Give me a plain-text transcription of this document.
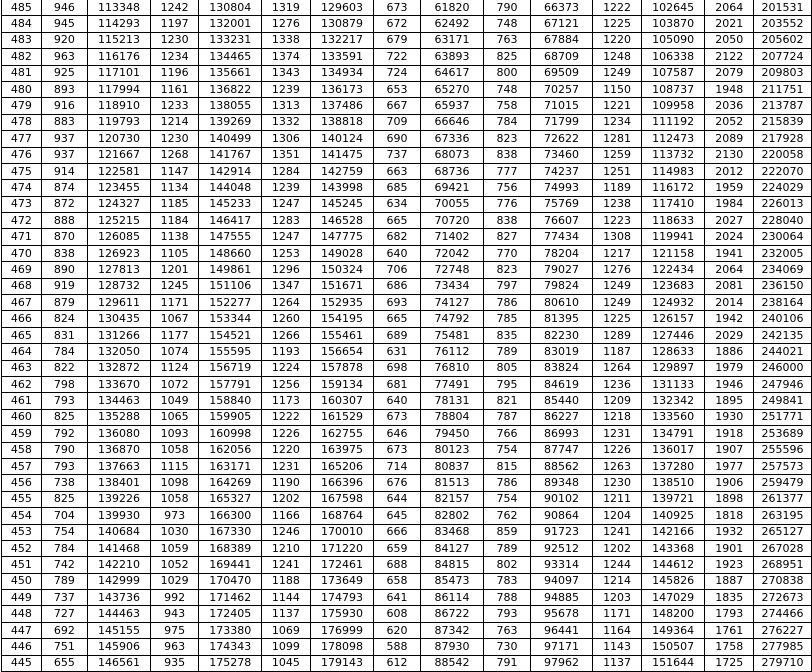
485	946	113348	1242	130804	1319	129603	673	61820	790	66373	1222	102645	2064	201531
484	945	114293	1197	132001	1276	130879	672	62492	748	67121	1225	103870	2021	203552
483	920	115213	1230	133231	1338	132217	679	63171	763	67884	1220	105090	2050	205602
482	963	116176	1234	134465	1374	133591	722	63893	825	68709	1248	106338	2122	207724
481	925	117101	1196	135661	1343	134934	724	64617	800	69509	1249	107587	2079	209803
480	893	117994	1161	136822	1239	136173	653	65270	748	70257	1150	108737	1948	211751
479	916	118910	1233	138055	1313	137486	667	65937	758	71015	1221	109958	2036	213787
478	883	119793	1214	139269	1332	138818	709	66646	784	71799	1234	111192	2052	215839
477	937	120730	1230	140499	1306	140124	690	67336	823	72622	1281	112473	2089	217928
476	937	121667	1268	141767	1351	141475	737	68073	838	73460	1259	113732	2130	220058
475	914	122581	1147	142914	1284	142759	663	68736	777	74237	1251	114983	2012	222070
474	874	123455	1134	144048	1239	143998	685	69421	756	74993	1189	116172	1959	224029
473	872	124327	1185	145233	1247	145245	634	70055	776	75769	1238	117410	1984	226013
472	888	125215	1184	146417	1283	146528	665	70720	838	76607	1223	118633	2027	228040
471	870	126085	1138	147555	1247	147775	682	71402	827	77434	1308	119941	2024	230064
470	838	126923	1105	148660	1253	149028	640	72042	770	78204	1217	121158	1941	232005
469	890	127813	1201	149861	1296	150324	706	72748	823	79027	1276	122434	2064	234069
468	919	128732	1245	151106	1347	151671	686	73434	797	79824	1249	123683	2081	236150
467	879	129611	1171	152277	1264	152935	693	74127	786	80610	1249	124932	2014	238164
466	824	130435	1067	153344	1260	154195	665	74792	785	81395	1225	126157	1942	240106
465	831	131266	1177	154521	1266	155461	689	75481	835	82230	1289	127446	2029	242135
464	784	132050	1074	155595	1193	156654	631	76112	789	83019	1187	128633	1886	244021
463	822	132872	1124	156719	1224	157878	698	76810	805	83824	1264	129897	1979	246000
462	798	133670	1072	157791	1256	159134	681	77491	795	84619	1236	131133	1946	247946
461	793	134463	1049	158840	1173	160307	640	78131	821	85440	1209	132342	1895	249841
460	825	135288	1065	159905	1222	161529	673	78804	787	86227	1218	133560	1930	251771
459	792	136080	1093	160998	1226	162755	646	79450	766	86993	1231	134791	1918	253689
458	790	136870	1058	162056	1220	163975	673	80123	754	87747	1226	136017	1907	255596
457	793	137663	1115	163171	1231	165206	714	80837	815	88562	1263	137280	1977	257573
456	738	138401	1098	164269	1190	166396	676	81513	786	89348	1230	138510	1906	259479
455	825	139226	1058	165327	1202	167598	644	82157	754	90102	1211	139721	1898	261377
454	704	139930	973	166300	1166	168764	645	82802	762	90864	1204	140925	1818	263195
453	754	140684	1030	167330	1246	170010	666	83468	859	91723	1241	142166	1932	265127
452	784	141468	1059	168389	1210	171220	659	84127	789	92512	1202	143368	1901	267028
451	742	142210	1052	169441	1241	172461	688	84815	802	93314	1244	144612	1923	268951
450	789	142999	1029	170470	1188	173649	658	85473	783	94097	1214	145826	1887	270838
449	737	143736	992	171462	1144	174793	641	86114	788	94885	1203	147029	1835	272673
448	727	144463	943	172405	1137	175930	608	86722	793	95678	1171	148200	1793	274466
447	692	145155	975	173380	1069	176999	620	87342	763	96441	1164	149364	1761	276227
446	751	145906	963	174343	1099	178098	588	87930	730	97171	1143	150507	1758	277985
445	655	146561	935	175278	1045	179143	612	88542	791	97962	1137	151644	1725	279710
